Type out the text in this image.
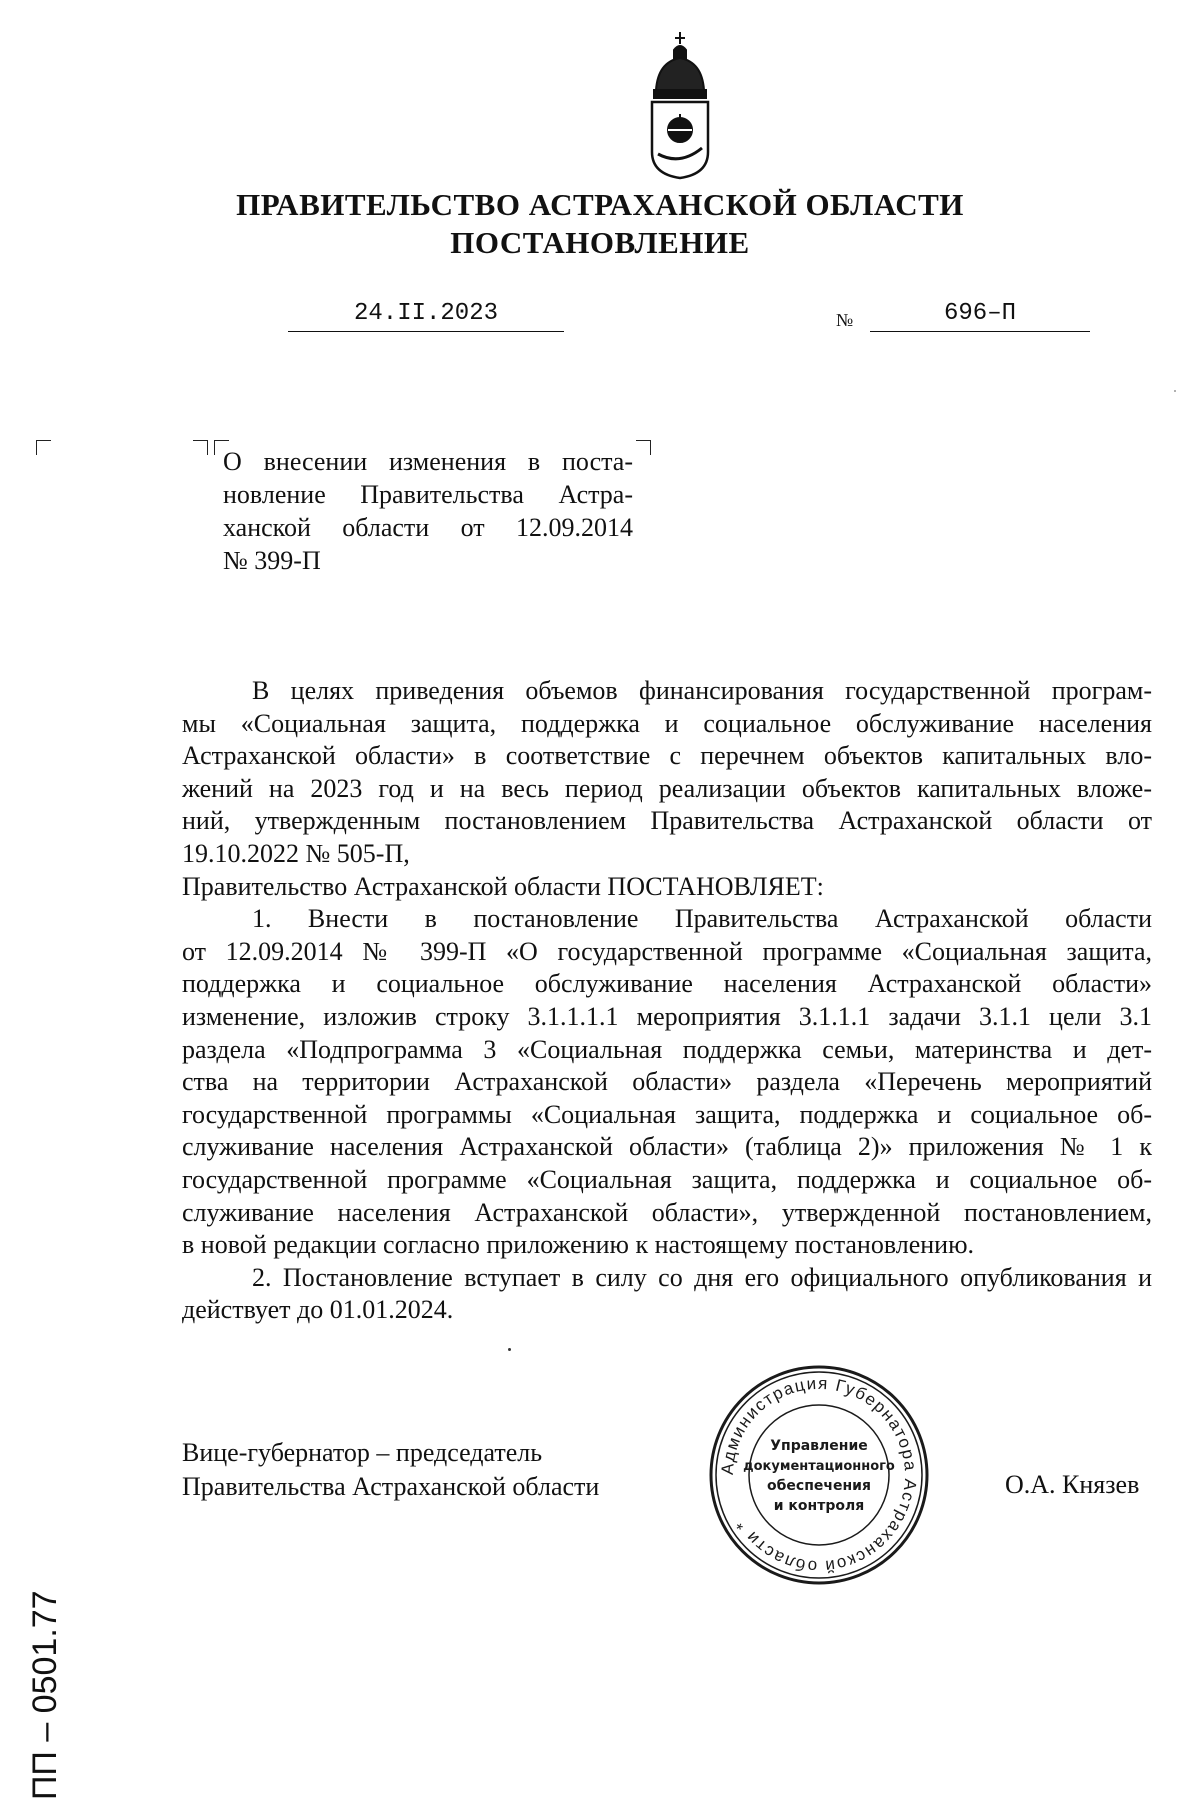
ПРАВИТЕЛЬСТВО АСТРАХАНСКОЙ ОБЛАСТИ
ПОСТАНОВЛЕНИЕ
24.II.2023	№	696–П
О внесении изменения в поста-
новление Правительства Астра-
ханской области от 12.09.2014
№ 399-П
В целях приведения объемов финансирования государственной програм-
мы «Социальная защита, поддержка и социальное обслуживание населения
Астраханской области» в соответствие с перечнем объектов капитальных вло-
жений на 2023 год и на весь период реализации объектов капитальных вложе-
ний, утвержденным постановлением Правительства Астраханской области от
19.10.2022 № 505-П,
Правительство Астраханской области ПОСТАНОВЛЯЕТ:
1. Внести в постановление Правительства Астраханской области
от 12.09.2014 № 399-П «О государственной программе «Социальная защита,
поддержка и социальное обслуживание населения Астраханской области»
изменение, изложив строку 3.1.1.1.1 мероприятия 3.1.1.1 задачи 3.1.1 цели 3.1
раздела «Подпрограмма 3 «Социальная поддержка семьи, материнства и дет-
ства на территории Астраханской области» раздела «Перечень мероприятий
государственной программы «Социальная защита, поддержка и социальное об-
служивание населения Астраханской области» (таблица 2)» приложения № 1 к
государственной программе «Социальная защита, поддержка и социальное об-
служивание населения Астраханской области», утвержденной постановлением,
в новой редакции согласно приложению к настоящему постановлению.
2. Постановление вступает в силу со дня его официального опубликования и
действует до 01.01.2024.
Вице-губернатор – председатель
Правительства Астраханской области
Администрация Губернатора Астраханской области *
Управление
документационного
обеспечения
и контроля
О.А. Князев
ПП – 0501.77
